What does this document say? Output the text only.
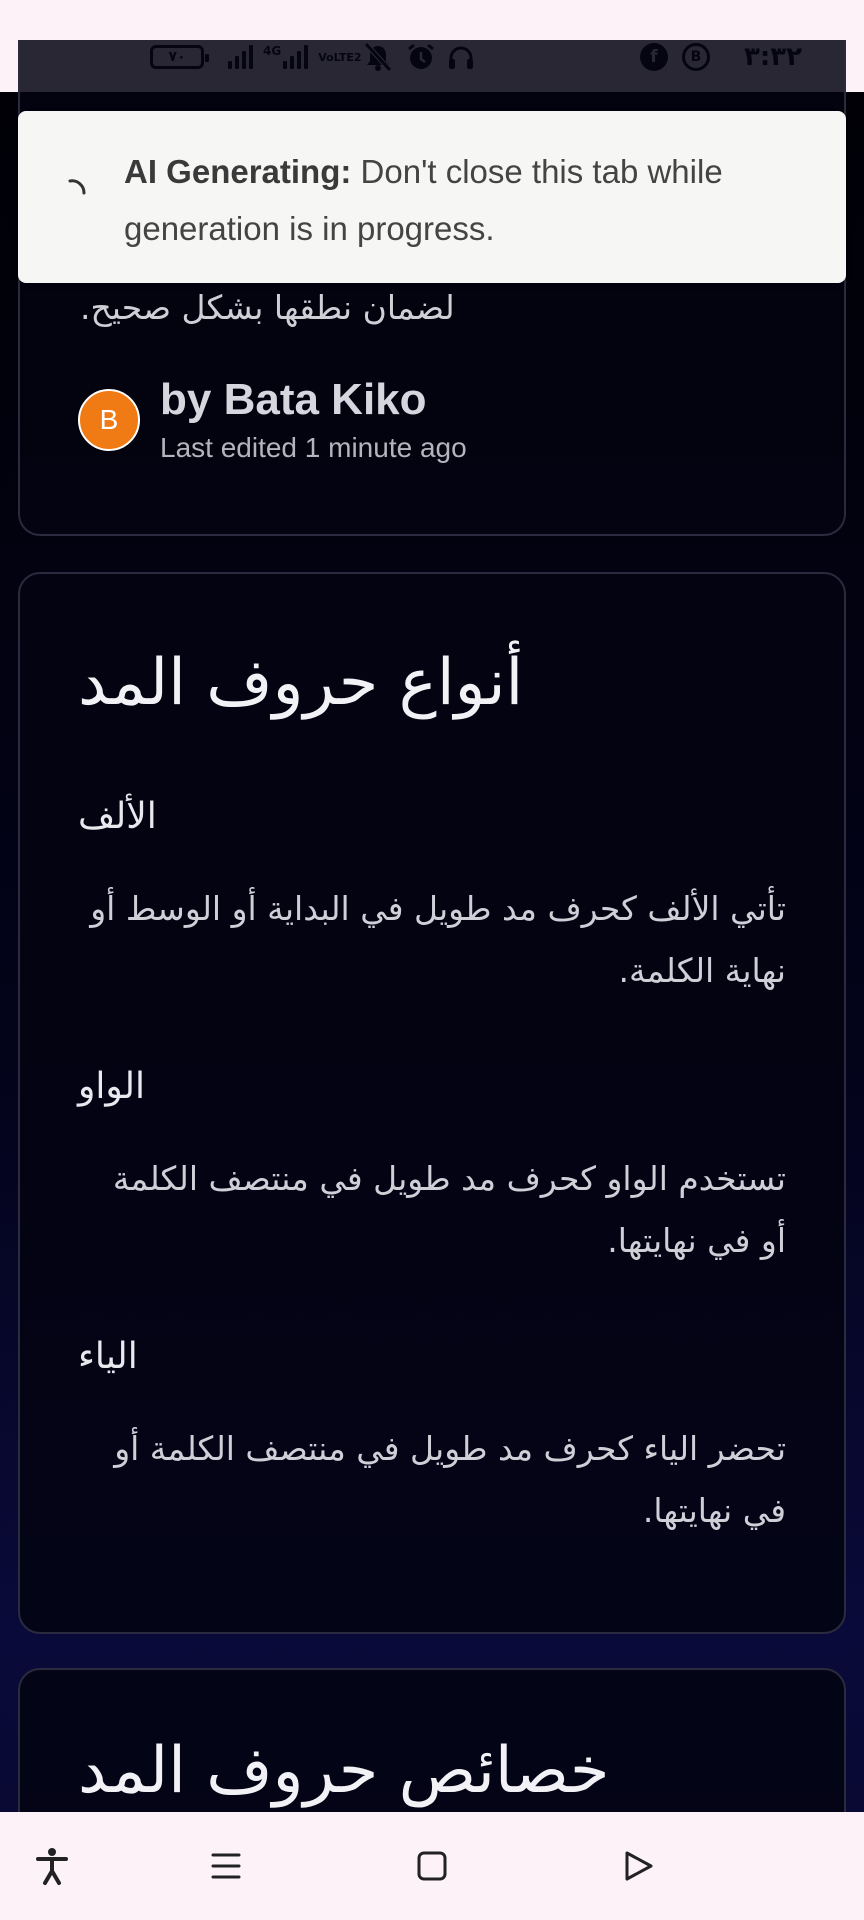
لضمان نطقها بشكل صحيح.
B by Bata Kiko
Last edited 1 minute ago
أنواع حروف المد
الألف
تأتي الألف كحرف مد طويل في البداية أو الوسط أو نهاية الكلمة.
الواو
تستخدم الواو كحرف مد طويل في منتصف الكلمة أو في نهايتها.
الياء
تحضر الياء كحرف مد طويل في منتصف الكلمة أو في نهايتها.
خصائص حروف المد
AI Generating: Don't close this tab while generation is in progress.
